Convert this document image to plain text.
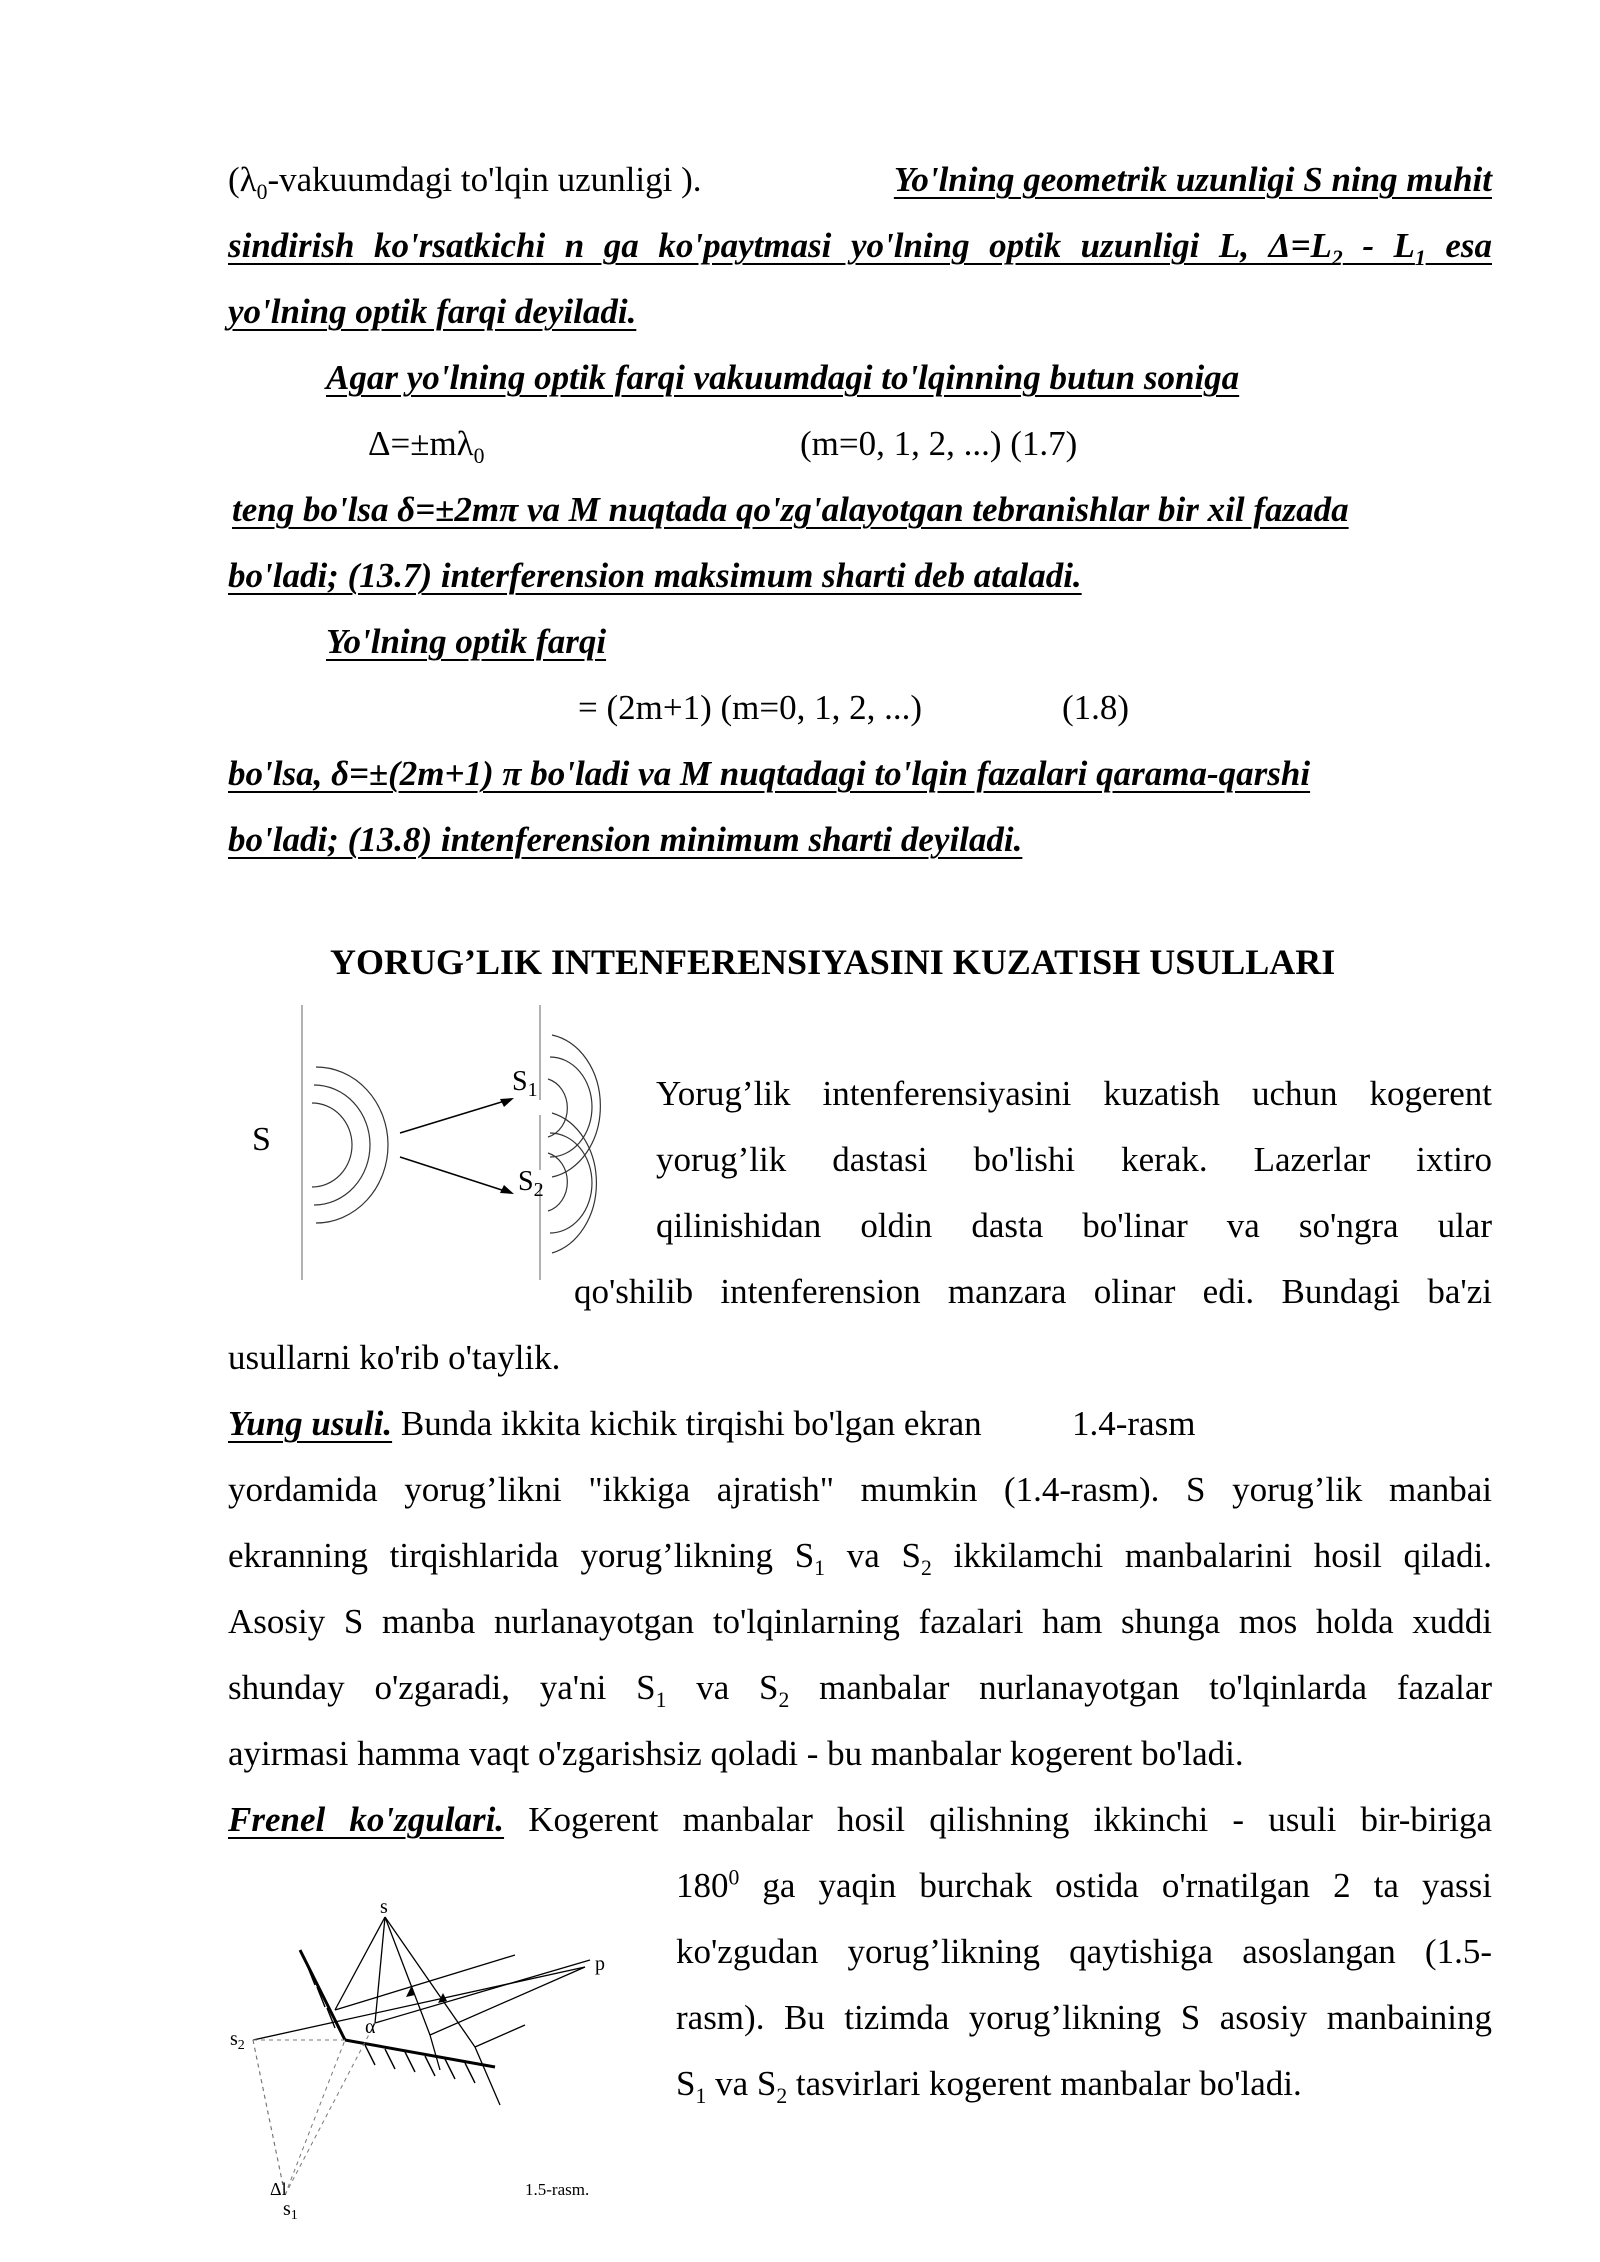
($\lambda_0$-vakuumdagi to'lqin uzunligi ).	Yo'lning geometrik uzunligi S ning muhit
sindirish ko'rsatkichi n ga ko'paytmasi yo'lning optik uzunligi L, $\Delta=L_2 - L_1$ esa
yo'lning optik farqi deyiladi.
Agar yo'lning optik farqi vakuumdagi to'lqinning butun soniga
$\Delta=\pm m\lambda_0$	(m=0, 1, 2, ...) (1.7)
teng bo'lsa δ=±2mπ va M nuqtada qo'zg'alayotgan tebranishlar bir xil fazada
bo'ladi; (13.7) interferension maksimum sharti deb ataladi.
Yo'lning optik farqi
= (2m+1) (m=0, 1, 2, ...)	(1.8)
bo'lsa, δ=±(2m+1) π bo'ladi va M nuqtadagi to'lqin fazalari qarama-qarshi
bo'ladi; (13.8) intenferension minimum sharti deyiladi.
YORUG’LIK INTENFERENSIYASINI KUZATISH USULLARI
S
$S_1$
$S_2$
Yorug’lik intenferensiyasini kuzatish uchun kogerent
yorug’lik dastasi bo'lishi kerak. Lazerlar ixtiro
qilinishidan oldin dasta bo'linar va so'ngra ular
qo'shilib intenferension manzara olinar edi. Bundagi ba'zi
usullarni ko'rib o'taylik.
Yung usuli. Bunda ikkita kichik tirqishi bo'lgan ekran	1.4-rasm
yordamida yorug’likni "ikkiga ajratish" mumkin (1.4-rasm). S yorug’lik manbai
ekranning tirqishlarida yorug’likning $S_1$ va $S_2$ ikkilamchi manbalarini hosil qiladi.
Asosiy S manba nurlanayotgan to'lqinlarning fazalari ham shunga mos holda xuddi
shunday o'zgaradi, ya'ni $S_1$ va $S_2$ manbalar nurlanayotgan to'lqinlarda fazalar
ayirmasi hamma vaqt o'zgarishsiz qoladi - bu manbalar kogerent bo'ladi.
Frenel ko'zgulari. Kogerent manbalar hosil qilishning ikkinchi - usuli bir-biriga
$180^0$ ga yaqin burchak ostida o'rnatilgan 2 ta yassi
ko'zgudan yorug’likning qaytishiga asoslangan (1.5-
rasm). Bu tizimda yorug’likning S asosiy manbaining
$S_1$ va $S_2$ tasvirlari kogerent manbalar bo'ladi.
s
p
$s_2$
α
Δl
$s_1$
1.5-rasm.
